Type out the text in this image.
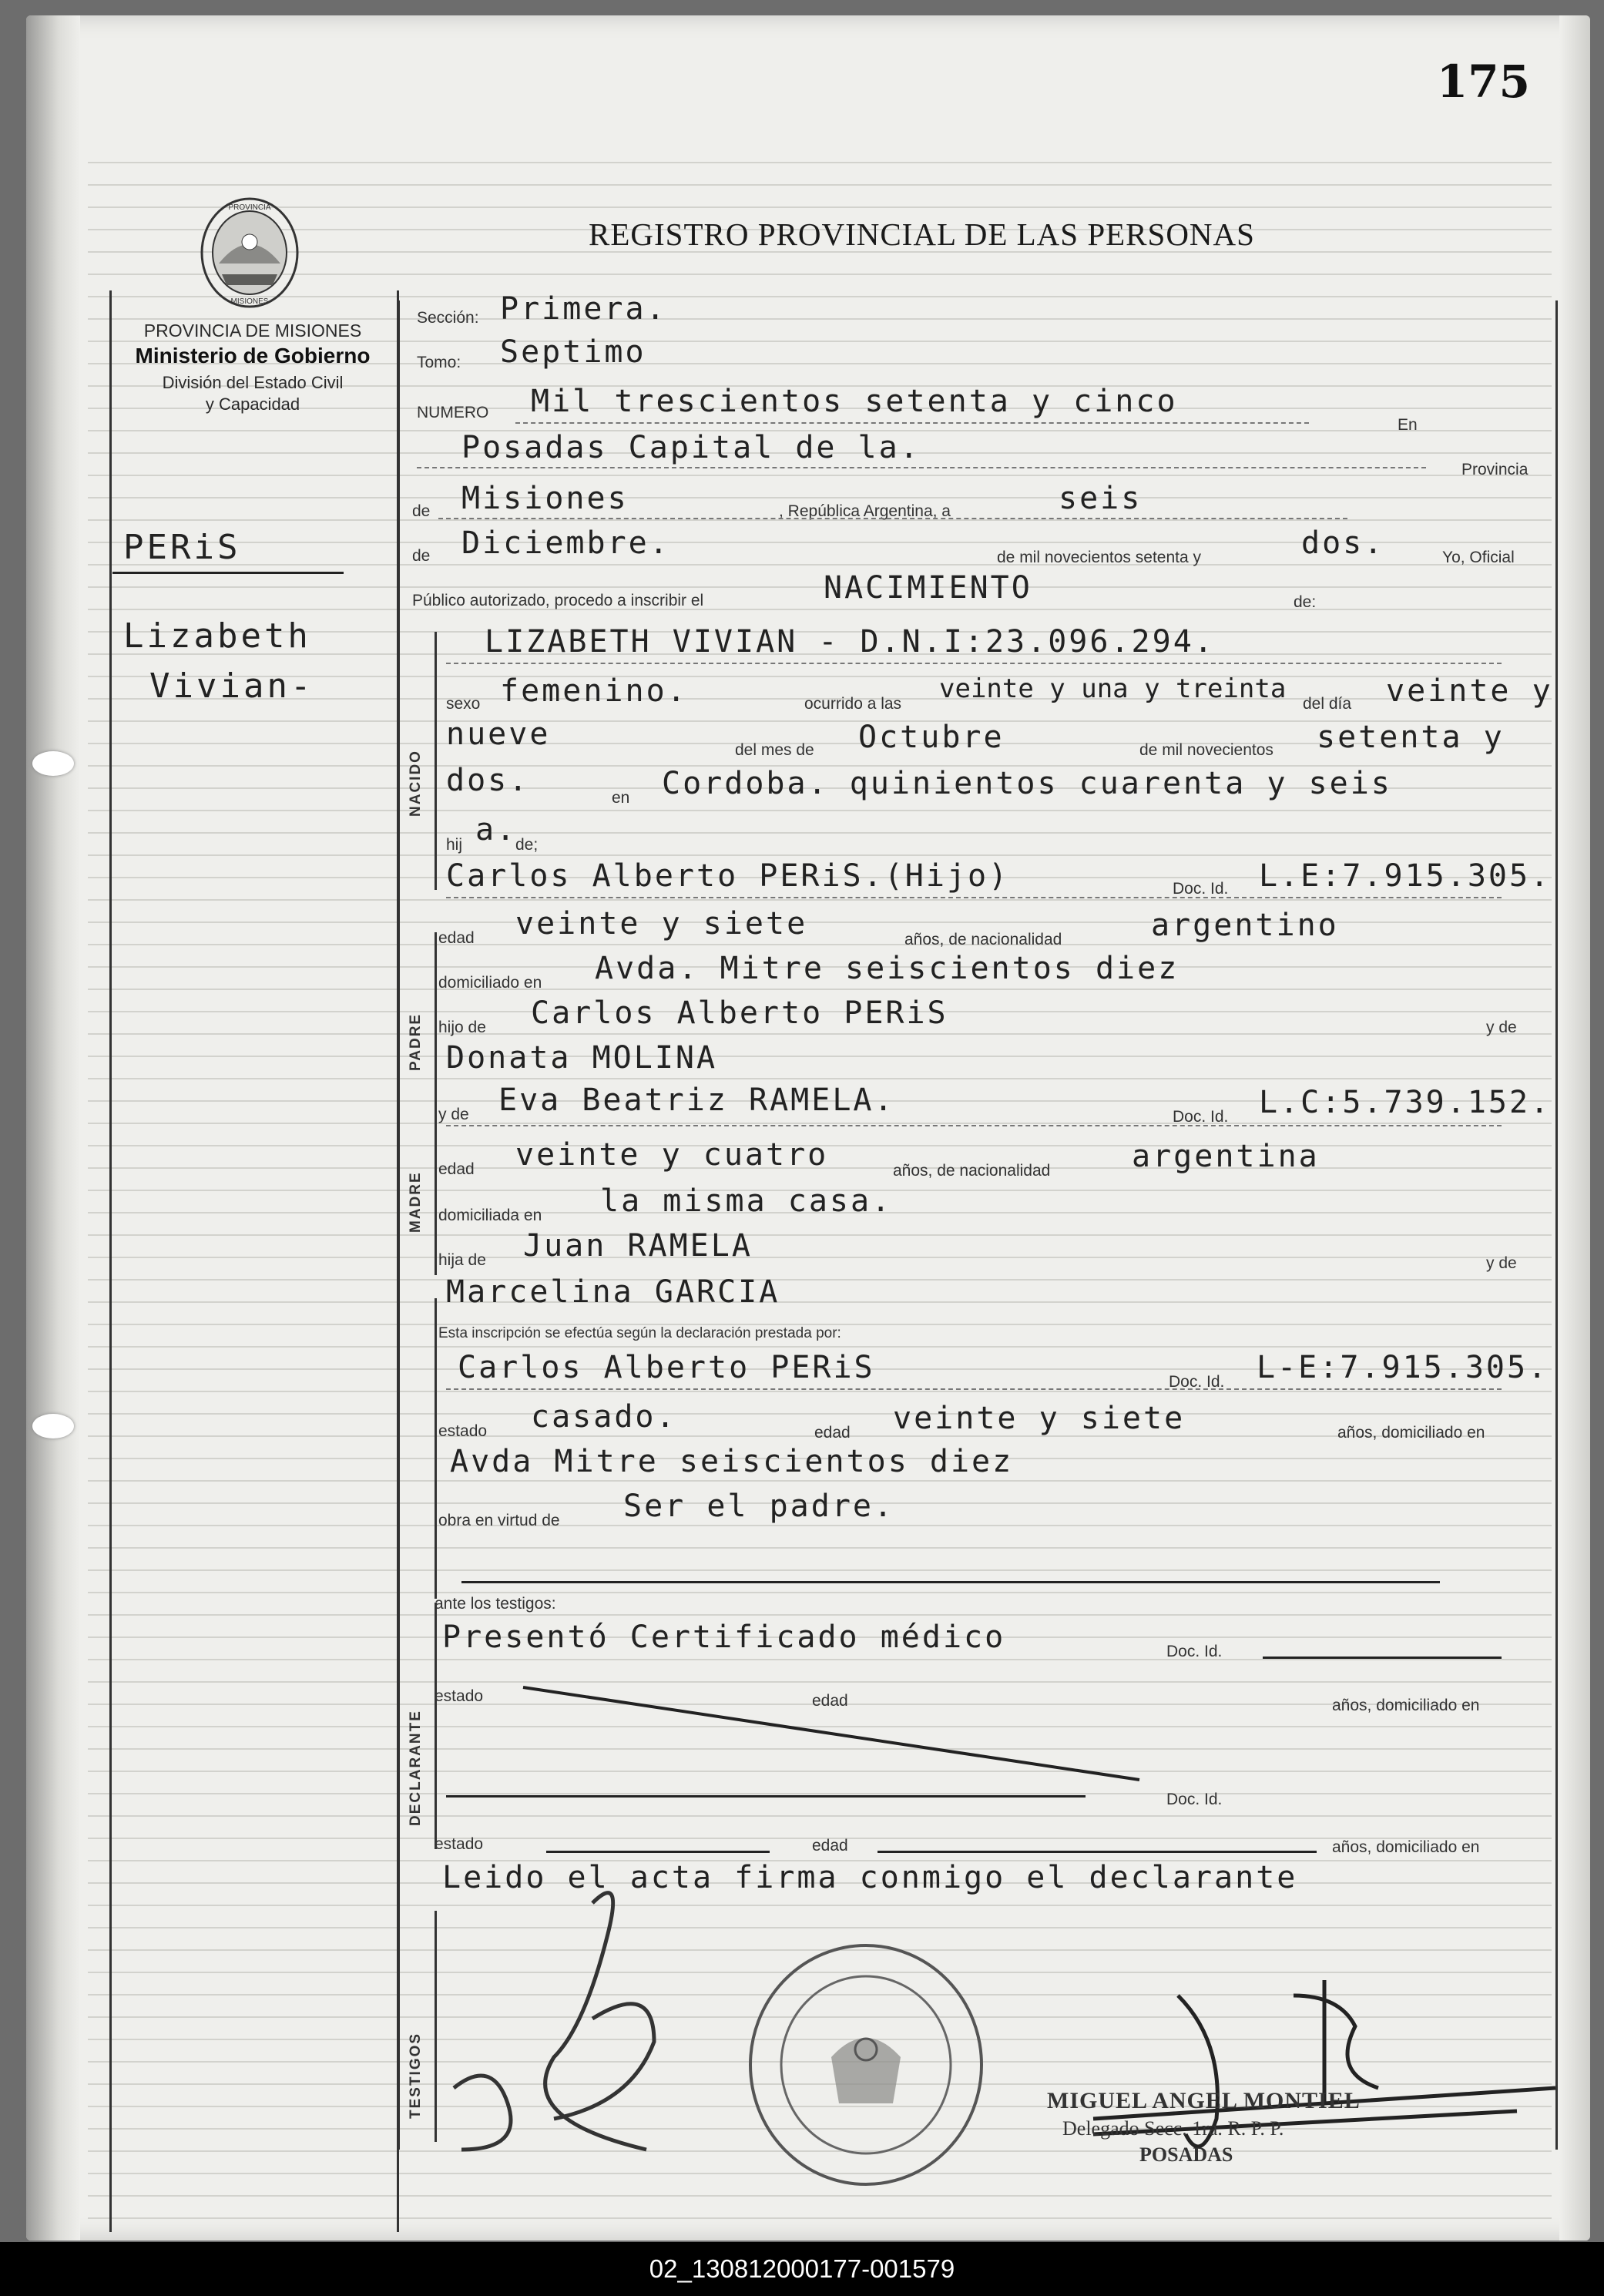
175
REGISTRO PROVINCIAL DE LAS PERSONAS
PROVINCIA
MISIONES
PROVINCIA DE MISIONES
Ministerio de Gobierno
División del Estado Civil
y Capacidad
PERiS
Lizabeth
Vivian-
NACIDO
PADRE
MADRE
DECLARANTE
TESTIGOS
Sección: Primera.
Tomo: Septimo
NUMERO Mil trescientos setenta y cinco
En
Posadas Capital de la.
Provincia
de Misiones	, República Argentina, a	seis
de Diciembre.	de mil novecientos setenta y	dos.	Yo, Oficial
Público autorizado, procedo a inscribir el	NACIMIENTO	de:
LIZABETH VIVIAN - D.N.I:23.096.294.
sexo femenino.	ocurrido a las veinte y una y treinta del día veinte y
nueve	del mes de Octubre	de mil novecientos setenta y
dos.	en Cordoba. quinientos cuarenta y seis
hij a.
de;
Carlos Alberto PERiS.(Hijo)	Doc. Id. L.E:7.915.305.
edad veinte y siete	años, de nacionalidad	argentino
domiciliado en Avda. Mitre seiscientos diez
hijo de Carlos Alberto PERiS	y de
Donata MOLINA
y de Eva Beatriz RAMELA.	Doc. Id. L.C:5.739.152.
edad veinte y cuatro	años, de nacionalidad	argentina
domiciliada en la misma casa.
hija de Juan RAMELA	y de
Marcelina GARCIA
Esta inscripción se efectúa según la declaración prestada por:
Carlos Alberto PERiS	Doc. Id. L-E:7.915.305.
estado casado.	edad veinte y siete	años, domiciliado en
Avda Mitre seiscientos diez
obra en virtud de Ser el padre.
ante los testigos:
Presentó Certificado médico	Doc. Id.
estado	edad	años, domiciliado en
Doc. Id.
estado	edad	años, domiciliado en
Leido el acta firma conmigo el declarante
MIGUEL ANGEL MONTIEL
Delegado Secc. 1ra. R. P. P.
POSADAS
02_130812000177-001579
